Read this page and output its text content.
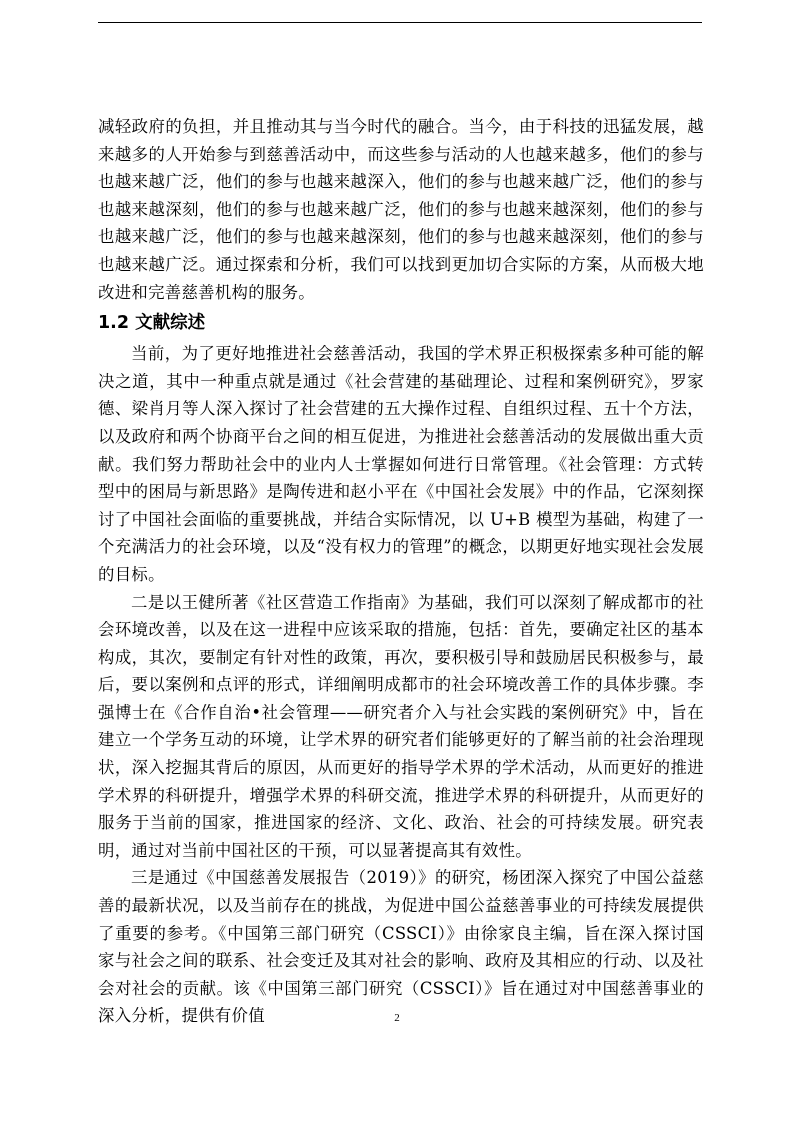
减轻政府的负担，并且推动其与当今时代的融合。当今，由于科技的迅猛发展，越来越多的人开始参与到慈善活动中，而这些参与活动的人也越来越多，他们的参与也越来越广泛，他们的参与也越来越深入，他们的参与也越来越广泛，他们的参与也越来越深刻，他们的参与也越来越广泛，他们的参与也越来越深刻，他们的参与也越来越广泛，他们的参与也越来越深刻，他们的参与也越来越深刻，他们的参与也越来越广泛。通过探索和分析，我们可以找到更加切合实际的方案，从而极大地改进和完善慈善机构的服务。

1.2 文献综述

当前，为了更好地推进社会慈善活动，我国的学术界正积极探索多种可能的解决之道，其中一种重点就是通过《社会营建的基础理论、过程和案例研究》，罗家德、梁肖月等人深入探讨了社会营建的五大操作过程、自组织过程、五十个方法，以及政府和两个协商平台之间的相互促进，为推进社会慈善活动的发展做出重大贡献。我们努力帮助社会中的业内人士掌握如何进行日常管理。《社会管理：方式转型中的困局与新思路》是陶传进和赵小平在《中国社会发展》中的作品，它深刻探讨了中国社会面临的重要挑战，并结合实际情况，以 U+B 模型为基础，构建了一个充满活力的社会环境，以及“没有权力的管理”的概念，以期更好地实现社会发展的目标。

二是以王健所著《社区营造工作指南》为基础，我们可以深刻了解成都市的社会环境改善，以及在这一进程中应该采取的措施，包括：首先，要确定社区的基本构成，其次，要制定有针对性的政策，再次，要积极引导和鼓励居民积极参与，最后，要以案例和点评的形式，详细阐明成都市的社会环境改善工作的具体步骤。李强博士在《合作自治•社会管理——研究者介入与社会实践的案例研究》中，旨在建立一个学务互动的环境，让学术界的研究者们能够更好的了解当前的社会治理现状，深入挖掘其背后的原因，从而更好的指导学术界的学术活动，从而更好的推进学术界的科研提升，增强学术界的科研交流，推进学术界的科研提升，从而更好的服务于当前的国家，推进国家的经济、文化、政治、社会的可持续发展。研究表明，通过对当前中国社区的干预，可以显著提高其有效性。

三是通过《中国慈善发展报告（2019）》的研究，杨团深入探究了中国公益慈善的最新状况，以及当前存在的挑战，为促进中国公益慈善事业的可持续发展提供了重要的参考。《中国第三部门研究（CSSCI）》由徐家良主编，旨在深入探讨国家与社会之间的联系、社会变迁及其对社会的影响、政府及其相应的行动、以及社会对社会的贡献。该《中国第三部门研究（CSSCI）》旨在通过对中国慈善事业的深入分析，提供有价值	2
